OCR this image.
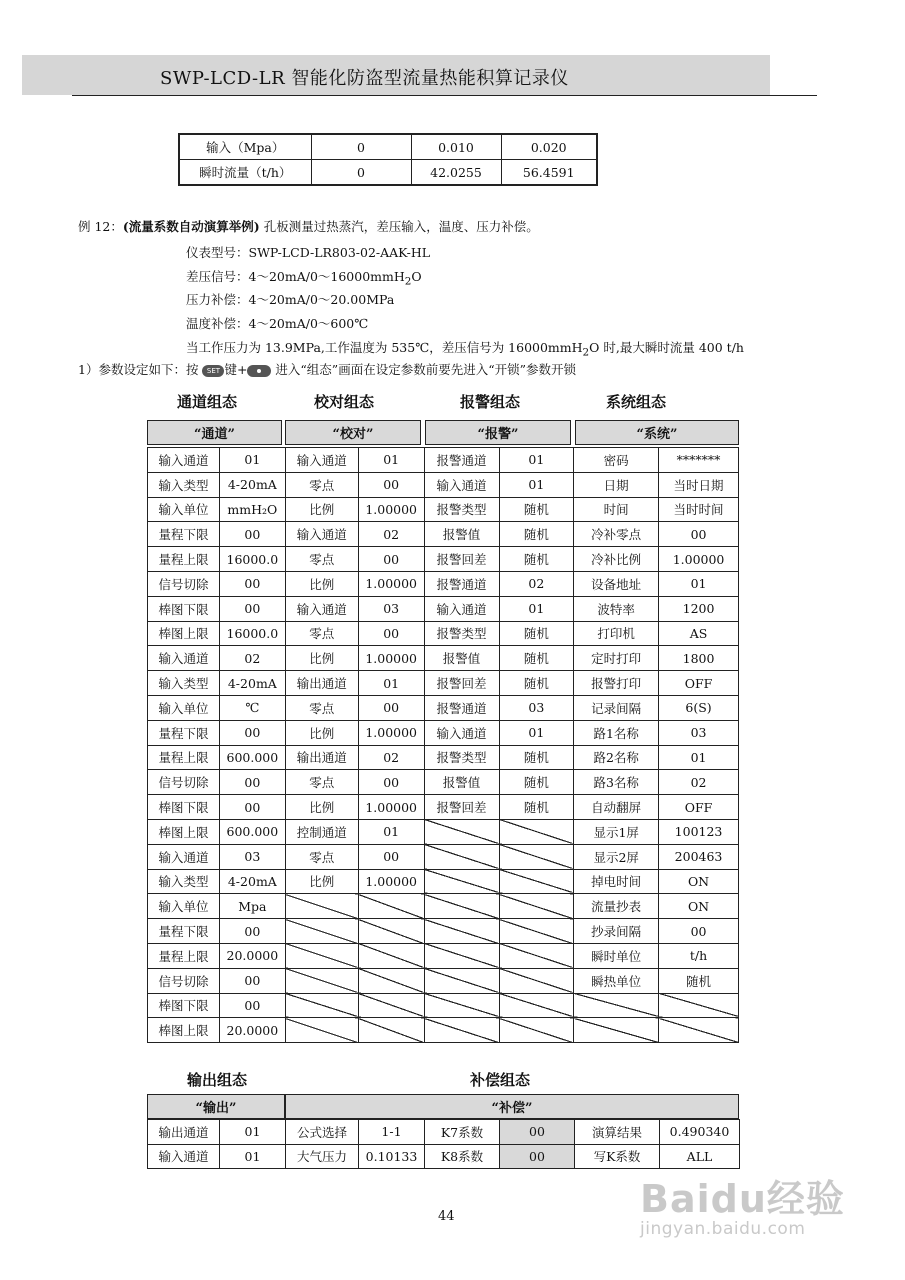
SWP-LCD-LR 智能化防盗型流量热能积算记录仪
输入（Mpa）	0	0.010	0.020
瞬时流量（t/h）	0	42.0255	56.4591
例 12：(流量系数自动演算举例) 孔板测量过热蒸汽，差压输入，温度、压力补偿。
仪表型号：SWP-LCD-LR803-02-AAK-HL
差压信号：4～20mA/0～16000mmH$_2$O
压力补偿：4～20mA/0～20.00MPa
温度补偿：4～20mA/0～600℃
当工作压力为 13.9MPa,工作温度为 535℃，差压信号为 16000mmH$_2$O 时,最大瞬时流量 400 t/h
1）参数设定如下：按 SET 键+ 进入“组态”画面在设定参数前要先进入“开锁”参数开锁
通道组态	校对组态	报警组态	系统组态
“通道”	“校对”	“报警”	“系统”
输入通道	01	输入通道	01	报警通道	01	密码	*******
输入类型	4-20mA	零点	00	输入通道	01	日期	当时日期
输入单位	mmH₂O	比例	1.00000	报警类型	随机	时间	当时时间
量程下限	00	输入通道	02	报警值	随机	冷补零点	00
量程上限	16000.0	零点	00	报警回差	随机	冷补比例	1.00000
信号切除	00	比例	1.00000	报警通道	02	设备地址	01
棒图下限	00	输入通道	03	输入通道	01	波特率	1200
棒图上限	16000.0	零点	00	报警类型	随机	打印机	AS
输入通道	02	比例	1.00000	报警值	随机	定时打印	1800
输入类型	4-20mA	输出通道	01	报警回差	随机	报警打印	OFF
输入单位	℃	零点	00	报警通道	03	记录间隔	6(S)
量程下限	00	比例	1.00000	输入通道	01	路1名称	03
量程上限	600.000	输出通道	02	报警类型	随机	路2名称	01
信号切除	00	零点	00	报警值	随机	路3名称	02
棒图下限	00	比例	1.00000	报警回差	随机	自动翻屏	OFF
棒图上限	600.000	控制通道	01			显示1屏	100123
输入通道	03	零点	00			显示2屏	200463
输入类型	4-20mA	比例	1.00000			掉电时间	ON
输入单位	Mpa					流量抄表	ON
量程下限	00					抄录间隔	00
量程上限	20.0000					瞬时单位	t/h
信号切除	00					瞬热单位	随机
棒图下限	00						
棒图上限	20.0000						
输出组态	补偿组态
“输出”	“补偿”
输出通道	01	公式选择	1-1	K7系数	00	演算结果	0.490340
输入通道	01	大气压力	0.10133	K8系数	00	写K系数	ALL
44	Baidu经验
jingyan.baidu.com
